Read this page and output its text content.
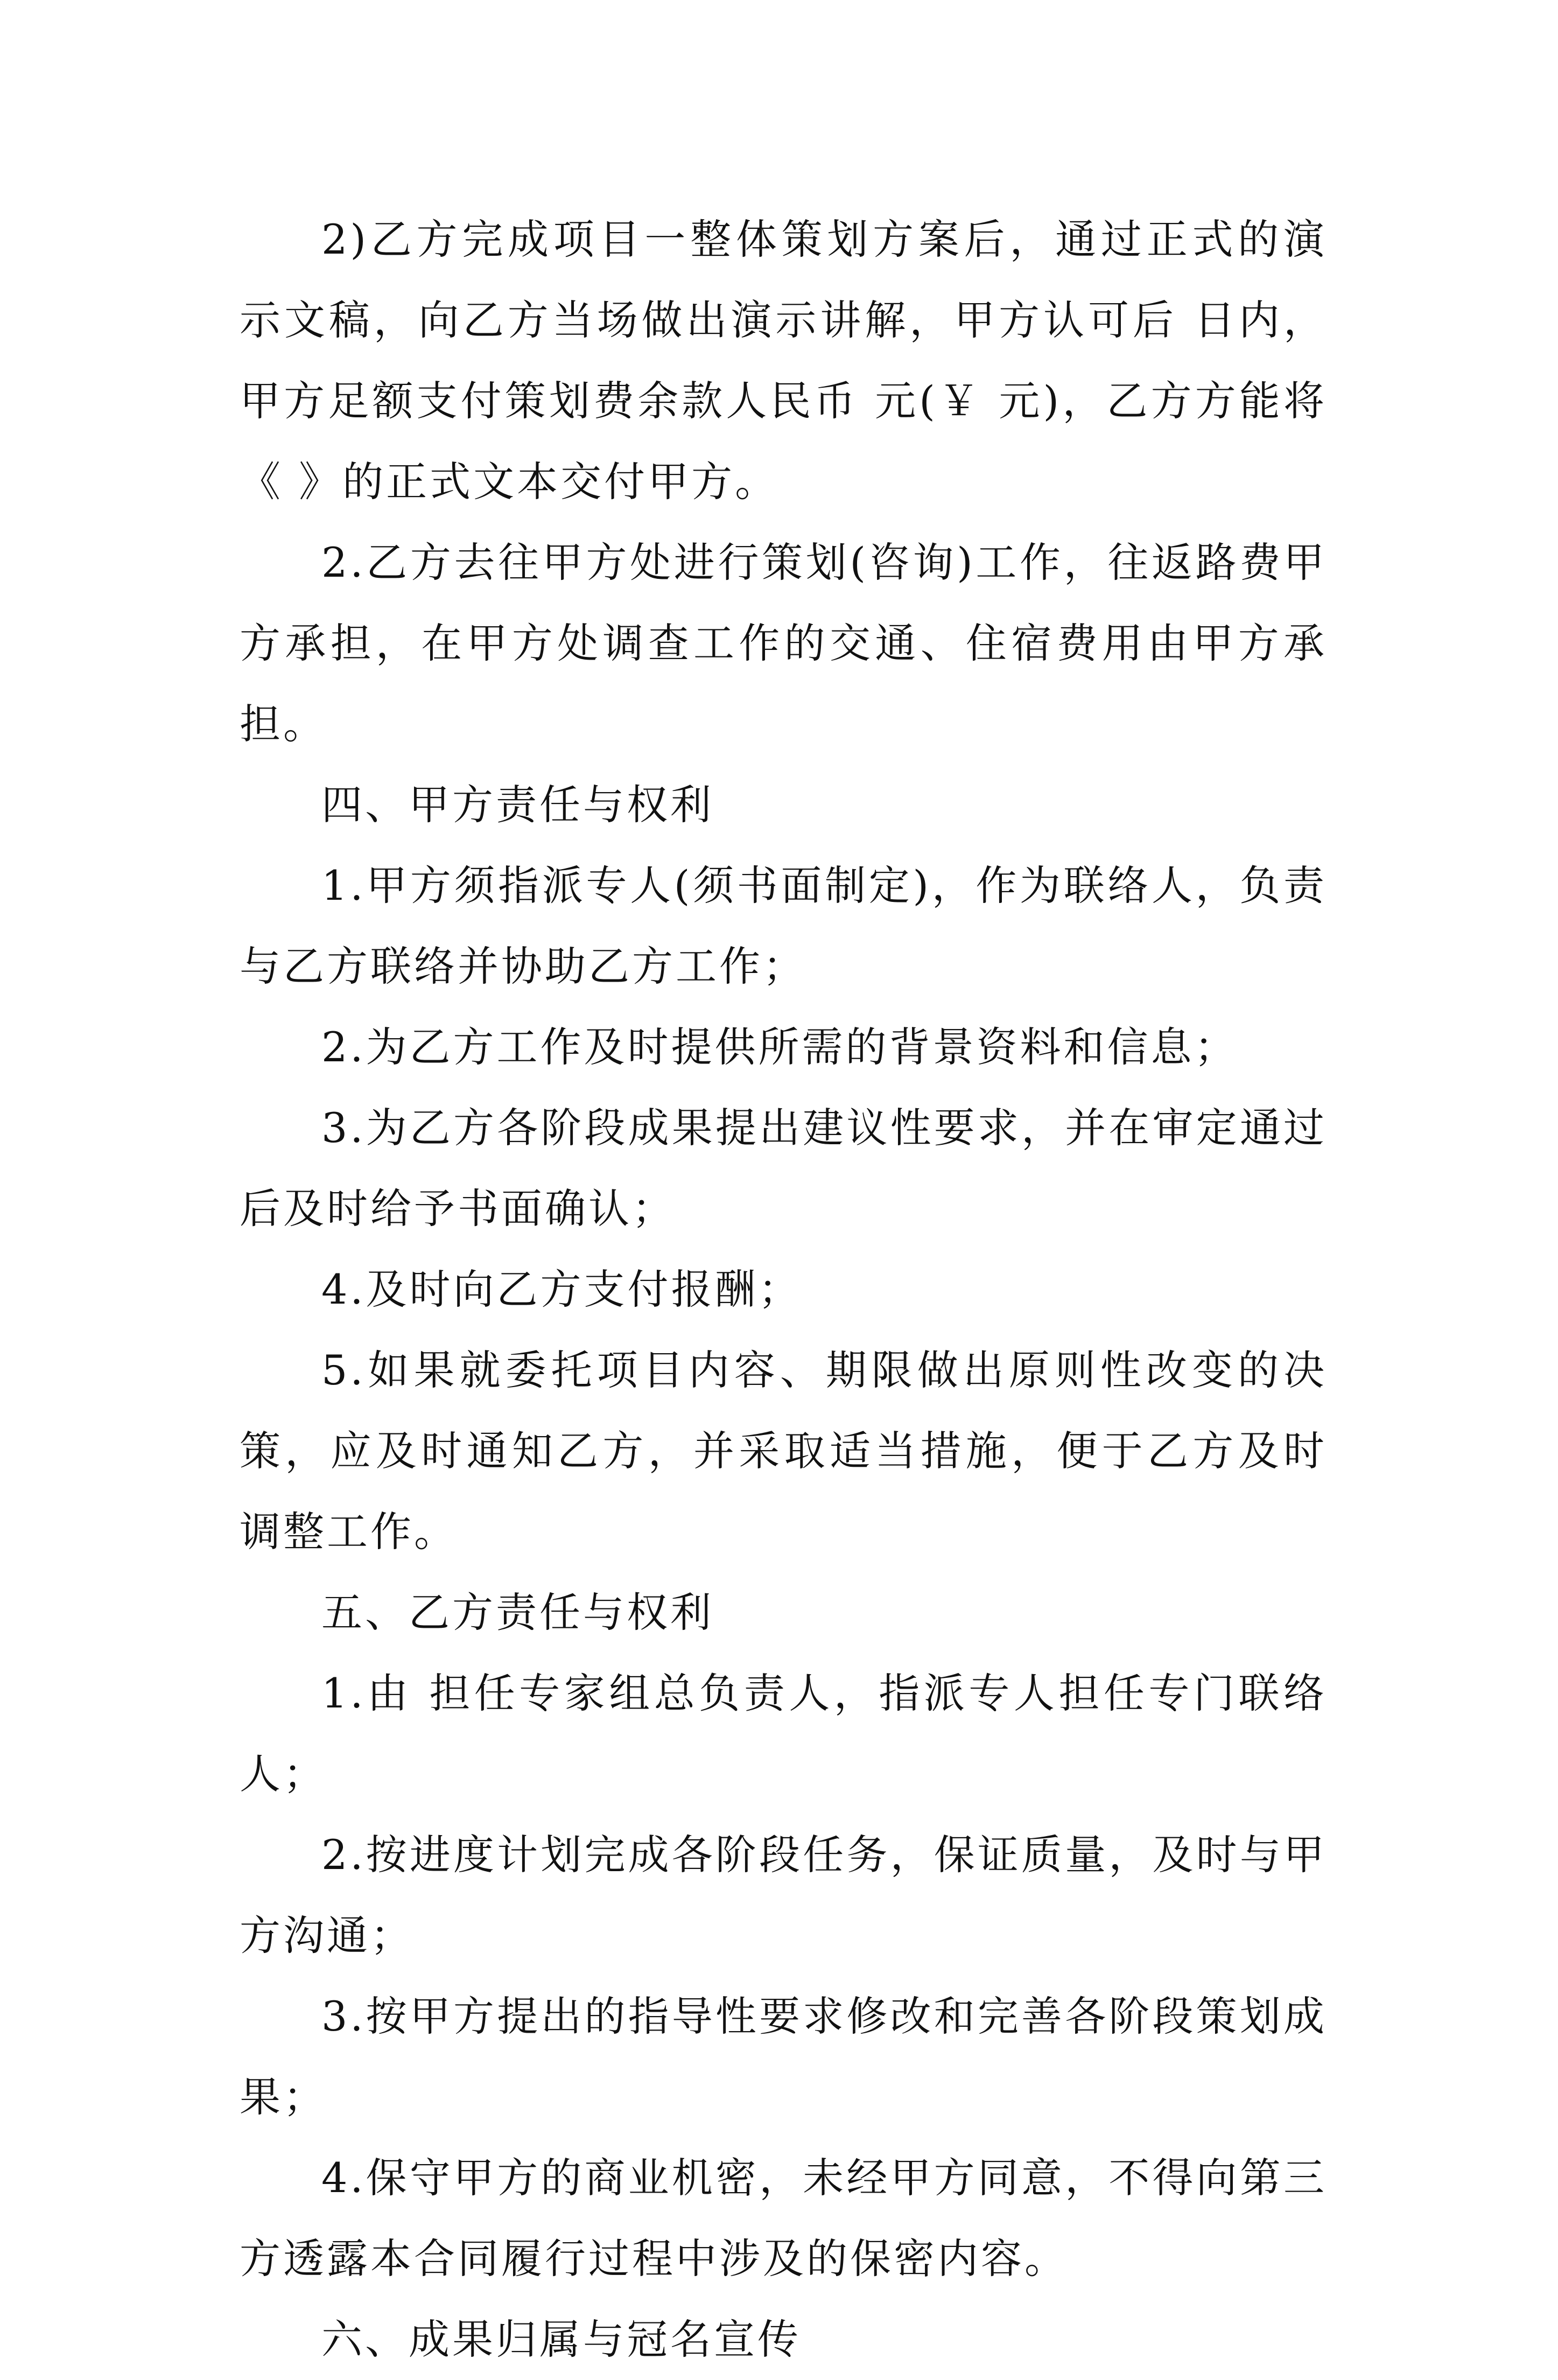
2)乙方完成项目一整体策划方案后，通过正式的演示文稿，向乙方当场做出演示讲解，甲方认可后 日内，甲方足额支付策划费余款人民币 元(￥ 元)，乙方方能将《 》的正式文本交付甲方。

2.乙方去往甲方处进行策划(咨询)工作，往返路费甲方承担，在甲方处调查工作的交通、住宿费用由甲方承担。

四、甲方责任与权利

1.甲方须指派专人(须书面制定)，作为联络人，负责与乙方联络并协助乙方工作；

2.为乙方工作及时提供所需的背景资料和信息；

3.为乙方各阶段成果提出建议性要求，并在审定通过后及时给予书面确认；

4.及时向乙方支付报酬；

5.如果就委托项目内容、期限做出原则性改变的决策，应及时通知乙方，并采取适当措施，便于乙方及时调整工作。

五、乙方责任与权利

1.由 担任专家组总负责人，指派专人担任专门联络人；

2.按进度计划完成各阶段任务，保证质量，及时与甲方沟通；

3.按甲方提出的指导性要求修改和完善各阶段策划成果；

4.保守甲方的商业机密，未经甲方同意，不得向第三方透露本合同履行过程中涉及的保密内容。

六、成果归属与冠名宣传
